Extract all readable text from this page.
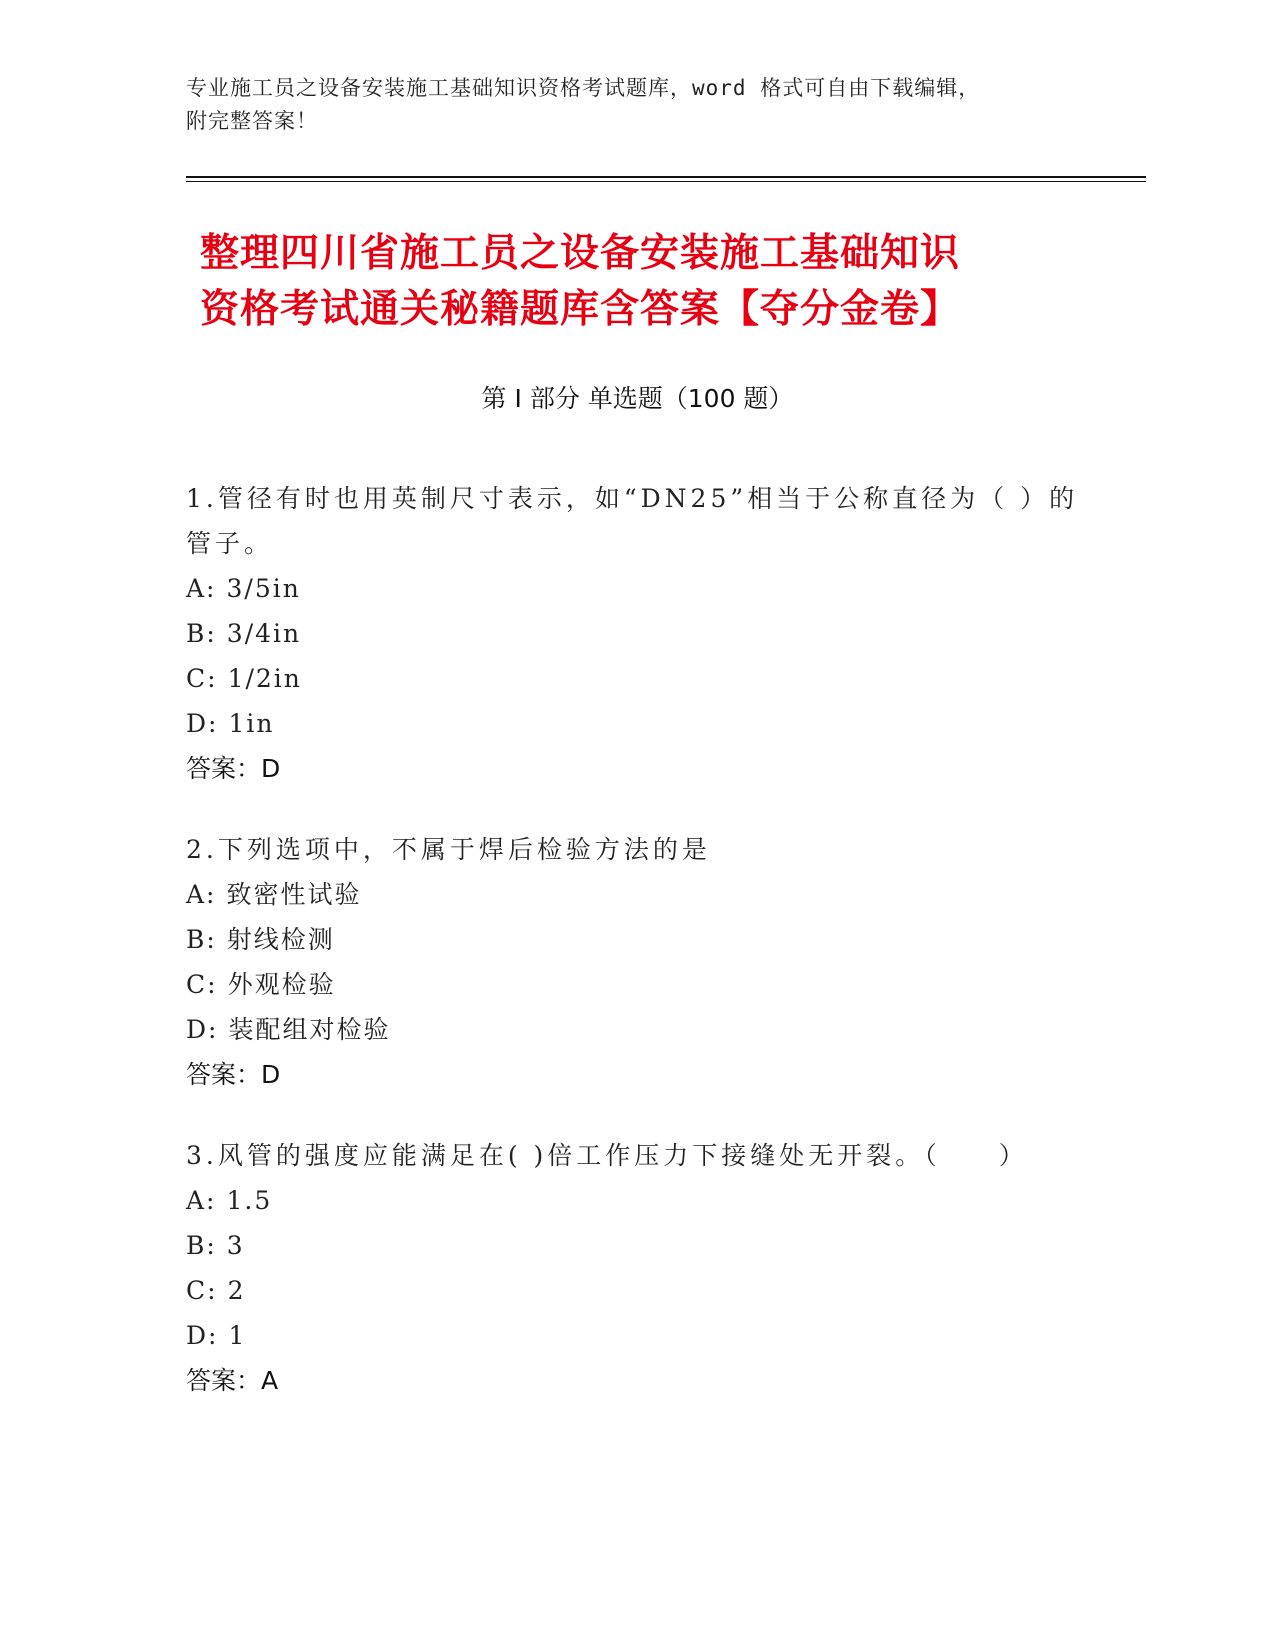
专业施工员之设备安装施工基础知识资格考试题库，word 格式可自由下载编辑，
附完整答案！
整理四川省施工员之设备安装施工基础知识
资格考试通关秘籍题库含答案【夺分金卷】
第 I 部分 单选题（100 题）
1.管径有时也用英制尺寸表示，如“DN25”相当于公称直径为（ ）的
管子。
A: 3/5in
B: 3/4in
C: 1/2in
D: 1in
答案：D
2.下列选项中，不属于焊后检验方法的是
A: 致密性试验
B: 射线检测
C: 外观检验
D: 装配组对检验
答案：D
3.风管的强度应能满足在( )倍工作压力下接缝处无开裂。（　　）
A: 1.5
B: 3
C: 2
D: 1
答案：A
